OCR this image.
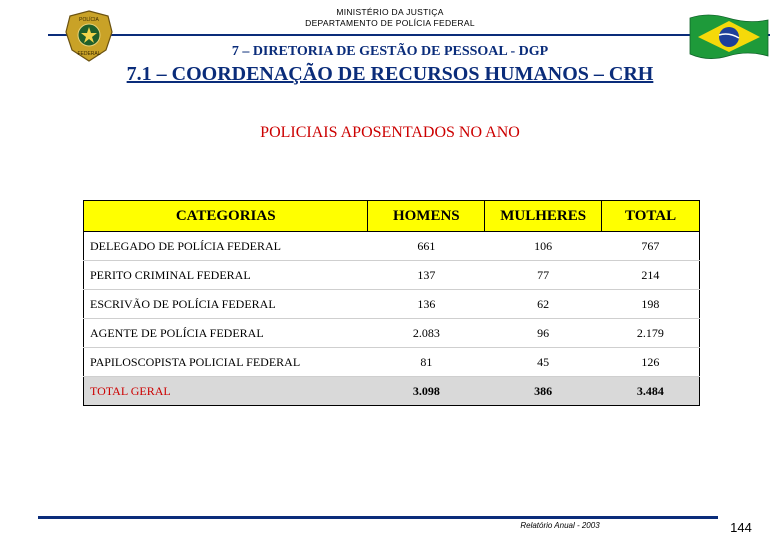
MINISTÉRIO DA JUSTIÇA
DEPARTAMENTO DE POLÍCIA FEDERAL
POLÍCIA
FEDERAL	7 – DIRETORIA DE GESTÃO DE PESSOAL - DGP
7.1 – COORDENAÇÃO DE RECURSOS HUMANOS – CRH
POLICIAIS APOSENTADOS NO ANO
CATEGORIAS	HOMENS	MULHERES	TOTAL
DELEGADO DE POLÍCIA FEDERAL	661	106	767
PERITO CRIMINAL FEDERAL	137	77	214
ESCRIVÃO DE POLÍCIA FEDERAL	136	62	198
AGENTE DE POLÍCIA FEDERAL	2.083	96	2.179
PAPILOSCOPISTA POLICIAL FEDERAL	81	45	126
TOTAL GERAL	3.098	386	3.484
Relatório Anual - 2003	144
